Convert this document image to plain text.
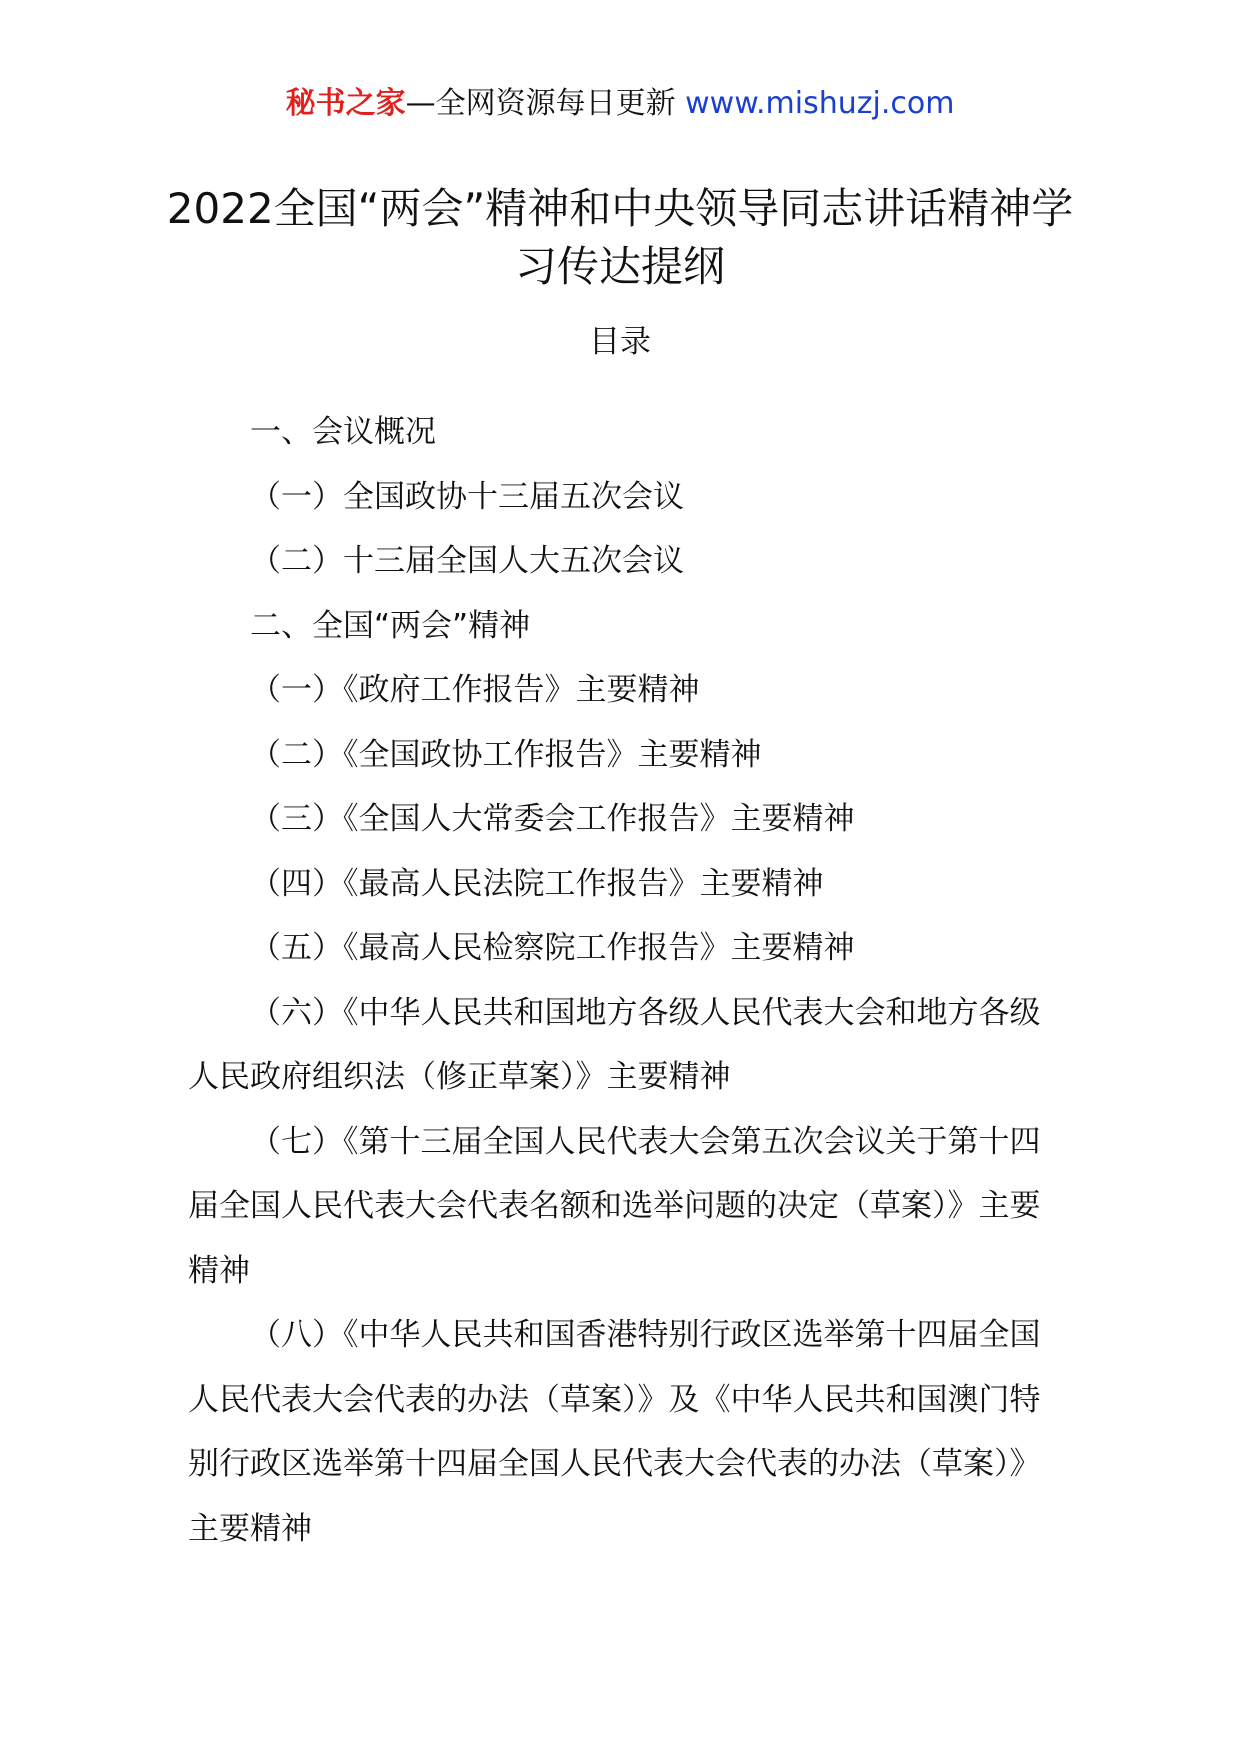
秘书之家—全网资源每日更新 www.mishuzj.com
2022全国“两会”精神和中央领导同志讲话精神学习传达提纲
目录

一、会议概况

（一）全国政协十三届五次会议

（二）十三届全国人大五次会议

二、全国“两会”精神

（一）《政府工作报告》主要精神

（二）《全国政协工作报告》主要精神

（三）《全国人大常委会工作报告》主要精神

（四）《最高人民法院工作报告》主要精神

（五）《最高人民检察院工作报告》主要精神

（六）《中华人民共和国地方各级人民代表大会和地方各级人民政府组织法（修正草案）》主要精神

（七）《第十三届全国人民代表大会第五次会议关于第十四届全国人民代表大会代表名额和选举问题的决定（草案）》主要精神

（八）《中华人民共和国香港特别行政区选举第十四届全国人民代表大会代表的办法（草案）》及《中华人民共和国澳门特别行政区选举第十四届全国人民代表大会代表的办法（草案）》主要精神
